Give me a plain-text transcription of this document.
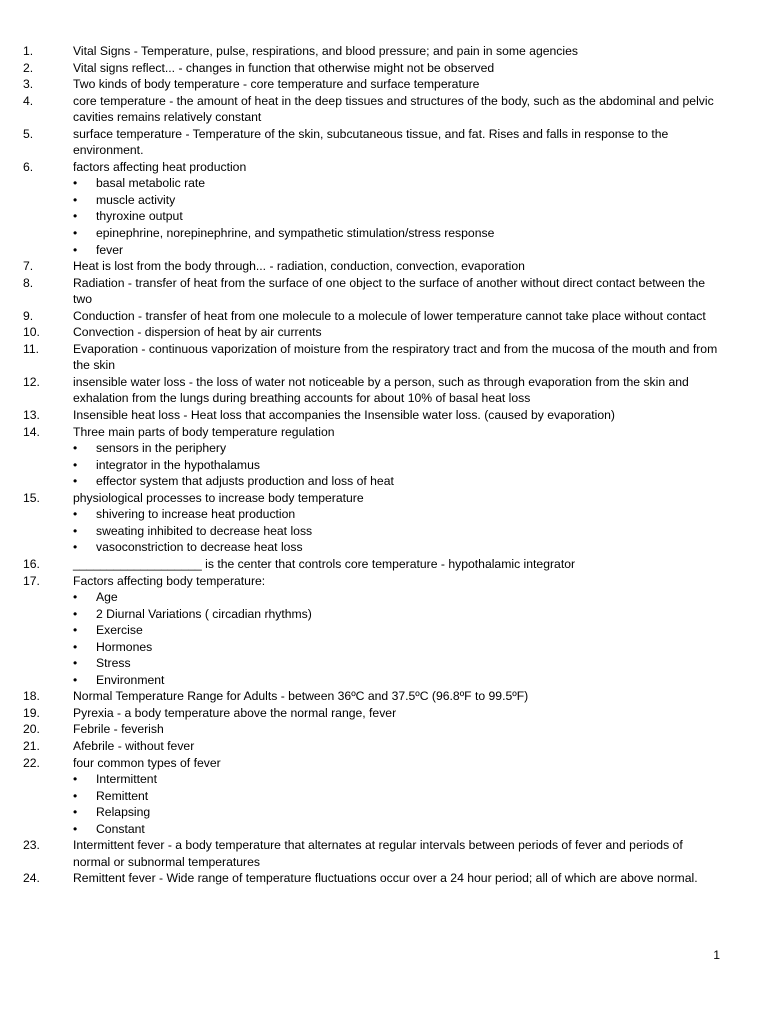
1.	Vital Signs - Temperature, pulse, respirations, and blood pressure; and pain in some agencies
2.	Vital signs reflect... - changes in function that otherwise might not be observed
3.	Two kinds of body temperature - core temperature and surface temperature
4.	core temperature - the amount of heat in the deep tissues and structures of the body, such as the abdominal and pelvic cavities remains relatively constant
5.	surface temperature - Temperature of the skin, subcutaneous tissue, and fat. Rises and falls in response to the environment.
6.	factors affecting heat production
• basal metabolic rate
• muscle activity
• thyroxine output
• epinephrine, norepinephrine, and sympathetic stimulation/stress response
• fever
7.	Heat is lost from the body through... - radiation, conduction, convection, evaporation
8.	Radiation - transfer of heat from the surface of one object to the surface of another without direct contact between the two
9.	Conduction - transfer of heat from one molecule to a molecule of lower temperature cannot take place without contact
10.	Convection - dispersion of heat by air currents
11.	Evaporation - continuous vaporization of moisture from the respiratory tract and from the mucosa of the mouth and from the skin
12.	insensible water loss - the loss of water not noticeable by a person, such as through evaporation from the skin and exhalation from the lungs during breathing accounts for about 10% of basal heat loss
13.	Insensible heat loss - Heat loss that accompanies the Insensible water loss. (caused by evaporation)
14.	Three main parts of body temperature regulation
• sensors in the periphery
• integrator in the hypothalamus
• effector system that adjusts production and loss of heat
15.	physiological processes to increase body temperature
• shivering to increase heat production
• sweating inhibited to decrease heat loss
• vasoconstriction to decrease heat loss
16.	___________________ is the center that controls core temperature - hypothalamic integrator
17.	Factors affecting body temperature:
• Age
• 2 Diurnal Variations ( circadian rhythms)
• Exercise
• Hormones
• Stress
• Environment
18.	Normal Temperature Range for Adults - between 36ºC and 37.5ºC (96.8ºF to 99.5ºF)
19.	Pyrexia - a body temperature above the normal range, fever
20.	Febrile - feverish
21.	Afebrile - without fever
22.	four common types of fever
• Intermittent
• Remittent
• Relapsing
• Constant
23.	Intermittent fever - a body temperature that alternates at regular intervals between periods of fever and periods of normal or subnormal temperatures
24.	Remittent fever - Wide range of temperature fluctuations occur over a 24 hour period; all of which are above normal.
1
